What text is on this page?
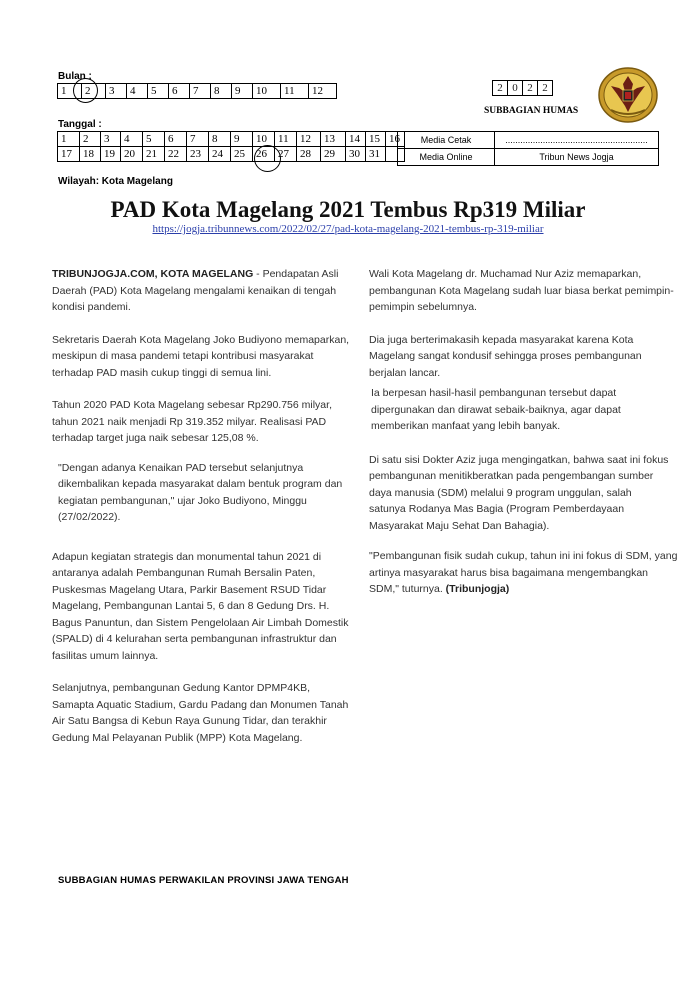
Bulan :
1	2	3	4	5	6	7	8	9	10	11	12	2 0 2 2
SUBBAGIAN HUMAS
Tanggal :
1	2	3	4	5	6	7	8	9	10	11	12	13	14	15	16
17	18	19	20	21	22	23	24	25	26	27	28	29	30	31	
Media Cetak	.........................................................
Media Online	Tribun News Jogja
Wilayah: Kota Magelang
PAD Kota Magelang 2021 Tembus Rp319 Miliar
https://jogja.tribunnews.com/2022/02/27/pad-kota-magelang-2021-tembus-rp-319-miliar

TRIBUNJOGJA.COM, KOTA MAGELANG - Pendapatan Asli Daerah (PAD) Kota Magelang mengalami kenaikan di tengah kondisi pandemi.

Sekretaris Daerah Kota Magelang Joko Budiyono memaparkan, meskipun di masa pandemi tetapi kontribusi masyarakat terhadap PAD masih cukup tinggi di semua lini.

Tahun 2020 PAD Kota Magelang sebesar Rp290.756 milyar, tahun 2021 naik menjadi Rp 319.352 milyar. Realisasi PAD terhadap target juga naik sebesar 125,08 %.

"Dengan adanya Kenaikan PAD tersebut selanjutnya dikembalikan kepada masyarakat dalam bentuk program dan kegiatan pembangunan," ujar Joko Budiyono, Minggu (27/02/2022).

Adapun kegiatan strategis dan monumental tahun 2021 di antaranya adalah Pembangunan Rumah Bersalin Paten, Puskesmas Magelang Utara, Parkir Basement RSUD Tidar Magelang, Pembangunan Lantai 5, 6 dan 8 Gedung Drs. H. Bagus Panuntun, dan Sistem Pengelolaan Air Limbah Domestik (SPALD) di 4 kelurahan serta pembangunan infrastruktur dan fasilitas umum lainnya.

Selanjutnya, pembangunan Gedung Kantor DPMP4KB, Samapta Aquatic Stadium, Gardu Padang dan Monumen Tanah Air Satu Bangsa di Kebun Raya Gunung Tidar, dan terakhir Gedung Mal Pelayanan Publik (MPP) Kota Magelang.

Wali Kota Magelang dr. Muchamad Nur Aziz memaparkan, pembangunan Kota Magelang sudah luar biasa berkat pemimpin-pemimpin sebelumnya.

Dia juga berterimakasih kepada masyarakat karena Kota Magelang sangat kondusif sehingga proses pembangunan berjalan lancar.

Ia berpesan hasil-hasil pembangunan tersebut dapat dipergunakan dan dirawat sebaik-baiknya, agar dapat memberikan manfaat yang lebih banyak.

Di satu sisi Dokter Aziz juga mengingatkan, bahwa saat ini fokus pembangunan menitikberatkan pada pengembangan sumber daya manusia (SDM) melalui 9 program unggulan, salah satunya Rodanya Mas Bagia (Program Pemberdayaan Masyarakat Maju Sehat Dan Bahagia).

"Pembangunan fisik sudah cukup, tahun ini ini fokus di SDM, yang artinya masyarakat harus bisa bagaimana mengembangkan SDM," tuturnya. (Tribunjogja)

SUBBAGIAN HUMAS PERWAKILAN PROVINSI JAWA TENGAH
